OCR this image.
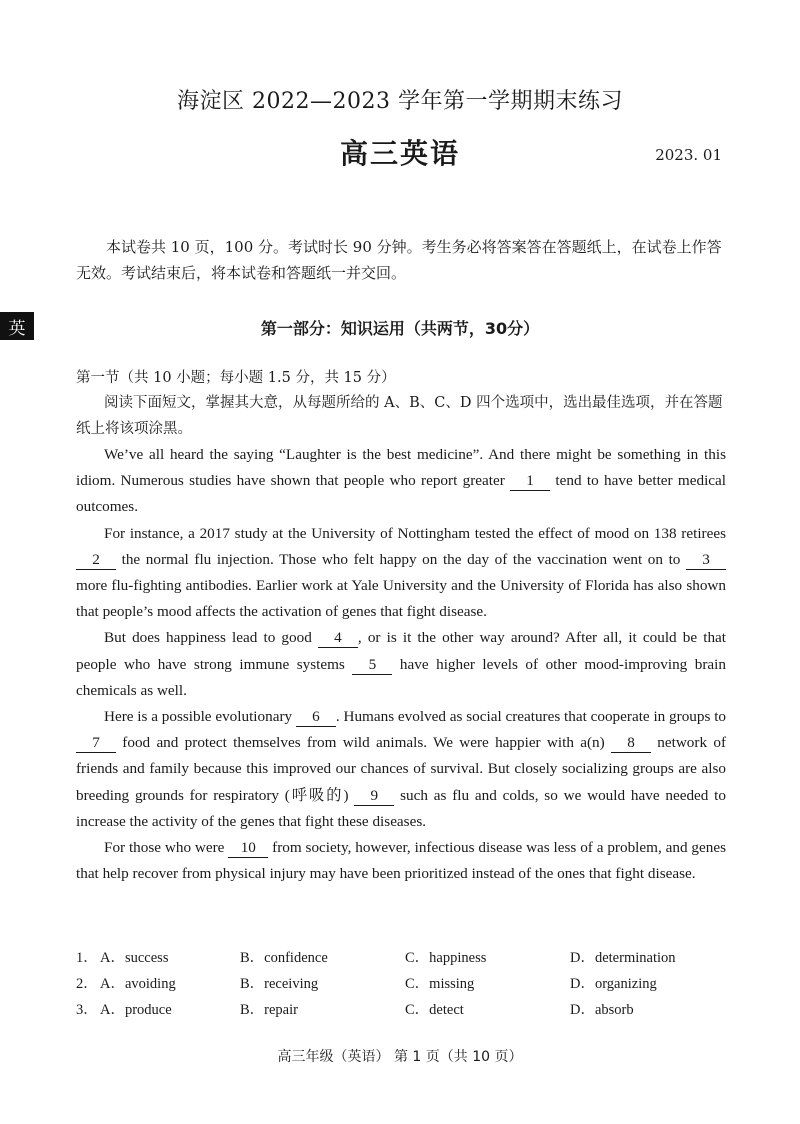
海淀区 2022—2023 学年第一学期期末练习
高三英语	2023. 01

本试卷共 10 页，100 分。考试时长 90 分钟。考生务必将答案答在答题纸上，在试卷上作答无效。考试结束后，将本试卷和答题纸一并交回。

英	第一部分：知识运用（共两节，30分）
第一节（共 10 小题；每小题 1.5 分，共 15 分）

阅读下面短文，掌握其大意，从每题所给的 A、B、C、D 四个选项中，选出最佳选项，并在答题纸上将该项涂黑。

We’ve all heard the saying “Laughter is the best medicine”. And there might be something in this idiom. Numerous studies have shown that people who report greater 1 tend to have better medical outcomes.

For instance, a 2017 study at the University of Nottingham tested the effect of mood on 138 retirees 2 the normal flu injection. Those who felt happy on the day of the vaccination went on to 3 more flu-fighting antibodies. Earlier work at Yale University and the University of Florida has also shown that people’s mood affects the activation of genes that fight disease.

But does happiness lead to good 4 , or is it the other way around? After all, it could be that people who have strong immune systems 5 have higher levels of other mood-improving brain chemicals as well.

Here is a possible evolutionary 6 . Humans evolved as social creatures that cooperate in groups to 7 food and protect themselves from wild animals. We were happier with a(n) 8 network of friends and family because this improved our chances of survival. But closely socializing groups are also breeding grounds for respiratory (呼吸的) 9 such as flu and colds, so we would have needed to increase the activity of the genes that fight these diseases.

For those who were 10 from society, however, infectious disease was less of a problem, and genes that help recover from physical injury may have been prioritized instead of the ones that fight disease.

1． A．success	B．confidence	C．happiness	D．determination
2． A．avoiding	B．receiving	C．missing	D．organizing
3． A．produce	B．repair	C．detect	D．absorb
高三年级（英语） 第 1 页（共 10 页）
